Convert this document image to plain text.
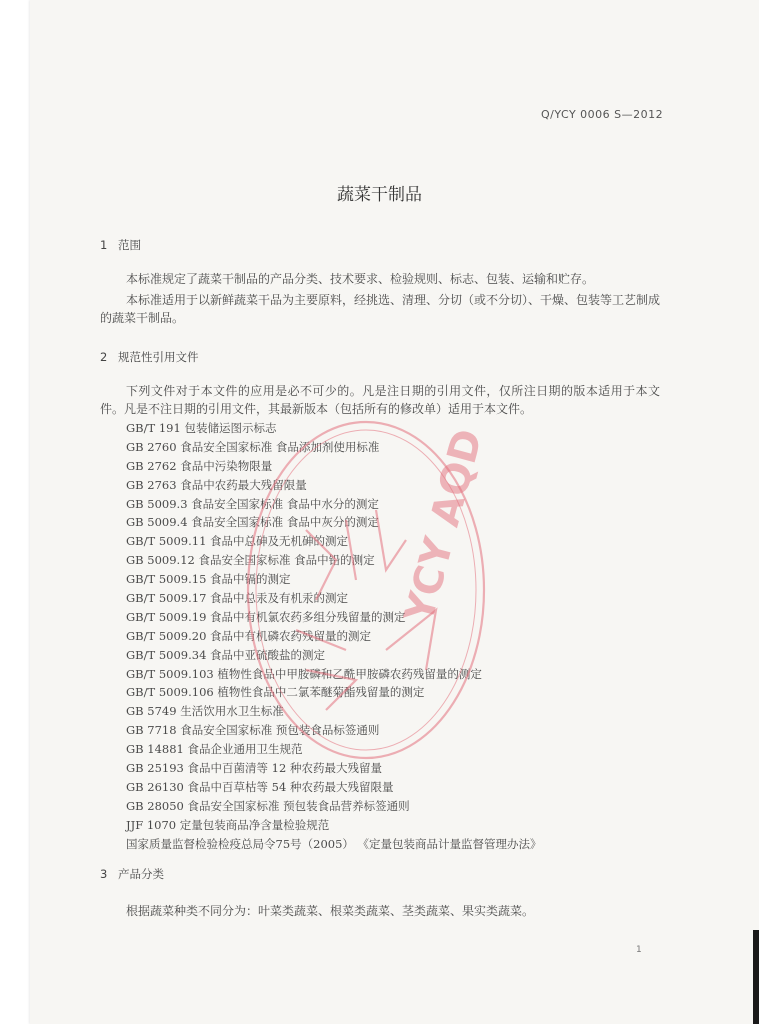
Q/YCY 0006 S—2012
蔬菜干制品
1 范围
本标准规定了蔬菜干制品的产品分类、技术要求、检验规则、标志、包装、运输和贮存。
本标准适用于以新鲜蔬菜干品为主要原料，经挑选、清理、分切（或不分切）、干燥、包装等工艺制成的蔬菜干制品。
2 规范性引用文件
下列文件对于本文件的应用是必不可少的。凡是注日期的引用文件，仅所注日期的版本适用于本文件。凡是不注日期的引用文件，其最新版本（包括所有的修改单）适用于本文件。
GB/T 191 包装储运图示标志
GB 2760 食品安全国家标准 食品添加剂使用标准
GB 2762 食品中污染物限量
GB 2763 食品中农药最大残留限量
GB 5009.3 食品安全国家标准 食品中水分的测定
GB 5009.4 食品安全国家标准 食品中灰分的测定
GB/T 5009.11 食品中总砷及无机砷的测定
GB 5009.12 食品安全国家标准 食品中铅的测定
GB/T 5009.15 食品中镉的测定
GB/T 5009.17 食品中总汞及有机汞的测定
GB/T 5009.19 食品中有机氯农药多组分残留量的测定
GB/T 5009.20 食品中有机磷农药残留量的测定
GB/T 5009.34 食品中亚硫酸盐的测定
GB/T 5009.103 植物性食品中甲胺磷和乙酰甲胺磷农药残留量的测定
GB/T 5009.106 植物性食品中二氯苯醚菊酯残留量的测定
GB 5749 生活饮用水卫生标准
GB 7718 食品安全国家标准 预包装食品标签通则
GB 14881 食品企业通用卫生规范
GB 25193 食品中百菌清等 12 种农药最大残留量
GB 26130 食品中百草枯等 54 种农药最大残留限量
GB 28050 食品安全国家标准 预包装食品营养标签通则
JJF 1070 定量包装商品净含量检验规范
国家质量监督检验检疫总局令75号（2005） 《定量包装商品计量监督管理办法》
3 产品分类
根据蔬菜种类不同分为：叶菜类蔬菜、根菜类蔬菜、茎类蔬菜、果实类蔬菜。
1
YCY AQD
